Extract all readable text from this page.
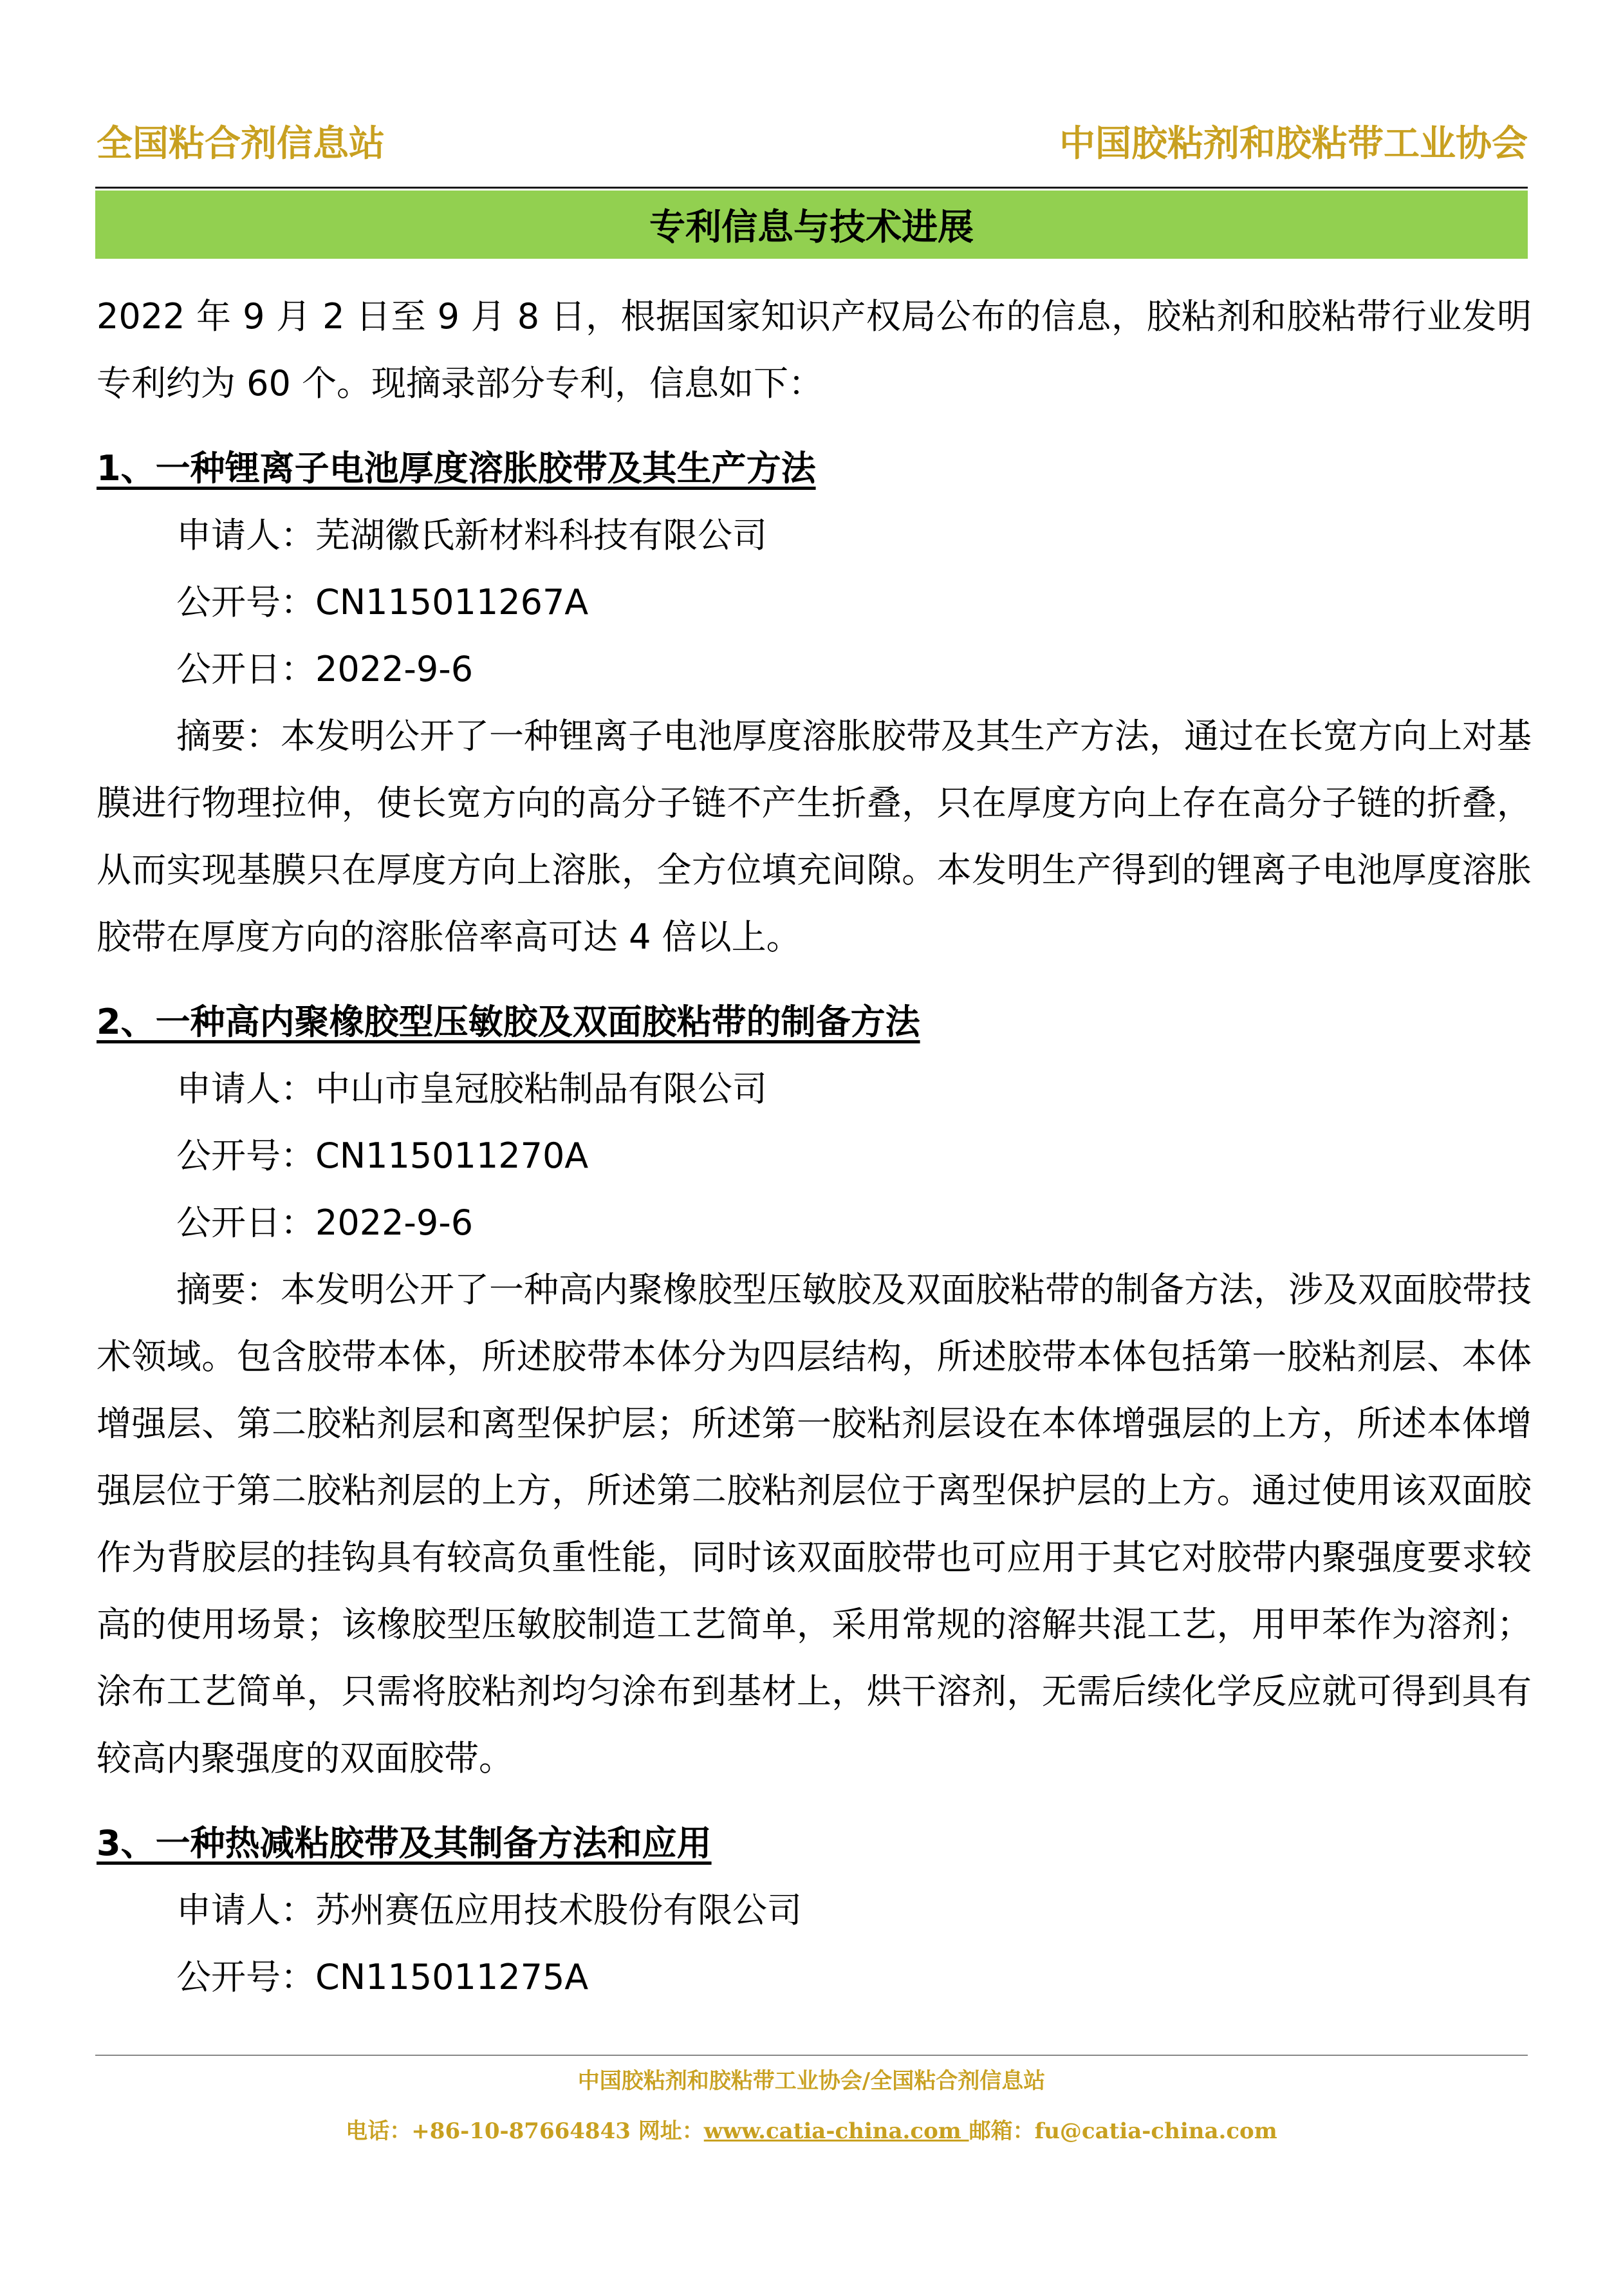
全国粘合剂信息站	中国胶粘剂和胶粘带工业协会
专利信息与技术进展

2022 年 9 月 2 日至 9 月 8 日，根据国家知识产权局公布的信息，胶粘剂和胶粘带行业发明专利约为 60 个。现摘录部分专利，信息如下：

1、一种锂离子电池厚度溶胀胶带及其生产方法

申请人：芜湖徽氏新材料科技有限公司

公开号：CN115011267A

公开日：2022-9-6

摘要：本发明公开了一种锂离子电池厚度溶胀胶带及其生产方法，通过在长宽方向上对基膜进行物理拉伸，使长宽方向的高分子链不产生折叠，只在厚度方向上存在高分子链的折叠，从而实现基膜只在厚度方向上溶胀，全方位填充间隙。本发明生产得到的锂离子电池厚度溶胀胶带在厚度方向的溶胀倍率高可达 4 倍以上。

2、一种高内聚橡胶型压敏胶及双面胶粘带的制备方法

申请人：中山市皇冠胶粘制品有限公司

公开号：CN115011270A

公开日：2022-9-6

摘要：本发明公开了一种高内聚橡胶型压敏胶及双面胶粘带的制备方法，涉及双面胶带技术领域。包含胶带本体，所述胶带本体分为四层结构，所述胶带本体包括第一胶粘剂层、本体增强层、第二胶粘剂层和离型保护层；所述第一胶粘剂层设在本体增强层的上方，所述本体增强层位于第二胶粘剂层的上方，所述第二胶粘剂层位于离型保护层的上方。通过使用该双面胶作为背胶层的挂钩具有较高负重性能，同时该双面胶带也可应用于其它对胶带内聚强度要求较高的使用场景；该橡胶型压敏胶制造工艺简单，采用常规的溶解共混工艺，用甲苯作为溶剂；涂布工艺简单，只需将胶粘剂均匀涂布到基材上，烘干溶剂，无需后续化学反应就可得到具有较高内聚强度的双面胶带。

3、一种热减粘胶带及其制备方法和应用

申请人：苏州赛伍应用技术股份有限公司

公开号：CN115011275A

中国胶粘剂和胶粘带工业协会/全国粘合剂信息站
电话：+86-10-87664843 网址：www.catia-china.com 邮箱：fu@catia-china.com
